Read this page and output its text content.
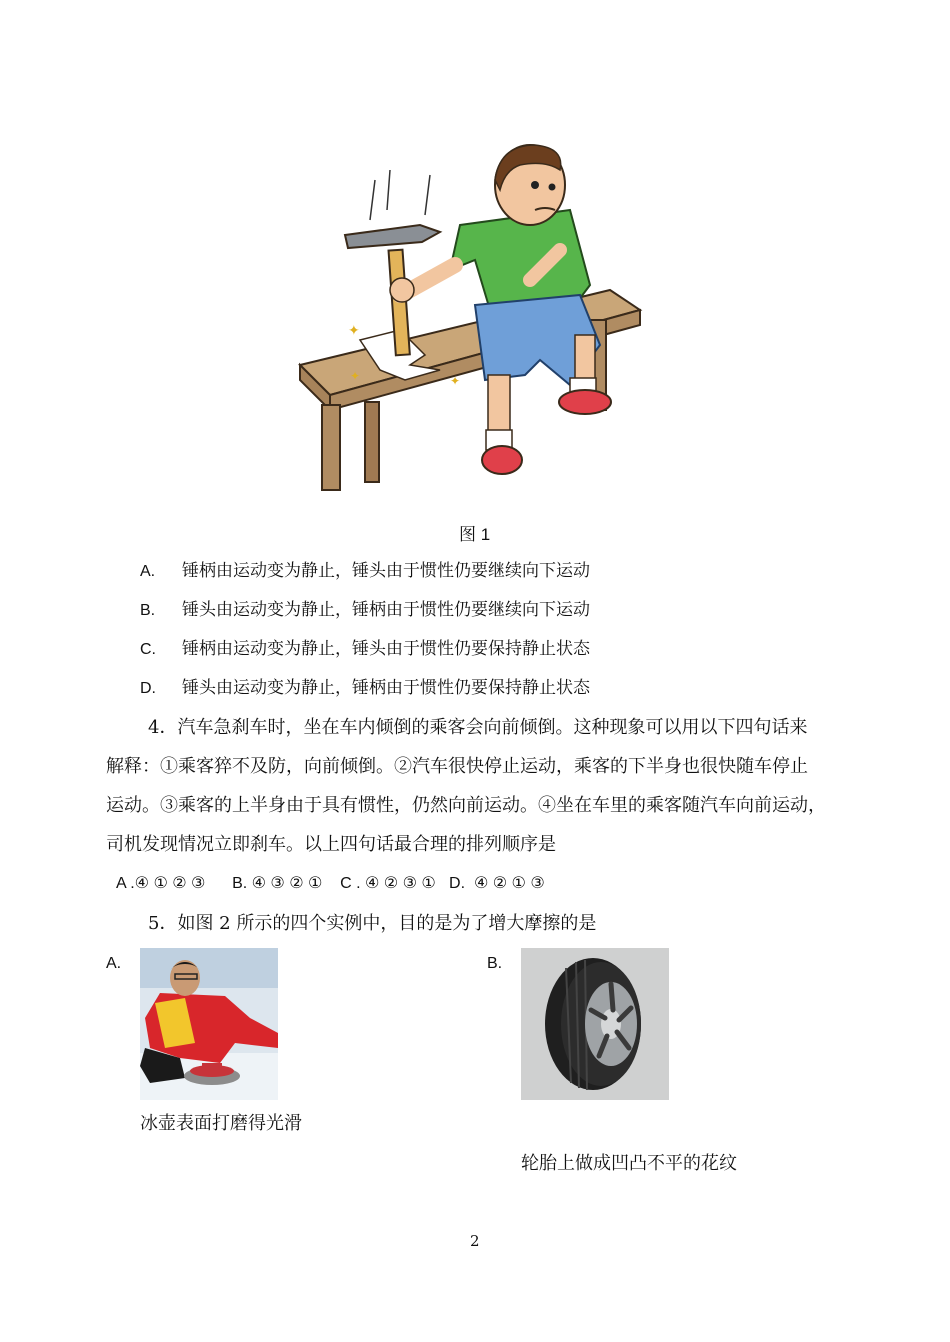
✦
✦	✦
图 1
A. 锤柄由运动变为静止，锤头由于惯性仍要继续向下运动
B. 锤头由运动变为静止，锤柄由于惯性仍要继续向下运动
C. 锤柄由运动变为静止，锤头由于惯性仍要保持静止状态
D. 锤头由运动变为静止，锤柄由于惯性仍要保持静止状态
4．汽车急刹车时，坐在车内倾倒的乘客会向前倾倒。这种现象可以用以下四句话来
解释：①乘客猝不及防，向前倾倒。②汽车很快停止运动，乘客的下半身也很快随车停止
运动。③乘客的上半身由于具有惯性，仍然向前运动。④坐在车里的乘客随汽车向前运动，
司机发现情况立即刹车。以上四句话最合理的排列顺序是
A .④ ① ② ③      B. ④ ③ ② ①    C . ④ ② ③ ①   D.  ④ ② ① ③
5．如图 2 所示的四个实例中，目的是为了增大摩擦的是
A.
冰壶表面打磨得光滑
B.
轮胎上做成凹凸不平的花纹
2
